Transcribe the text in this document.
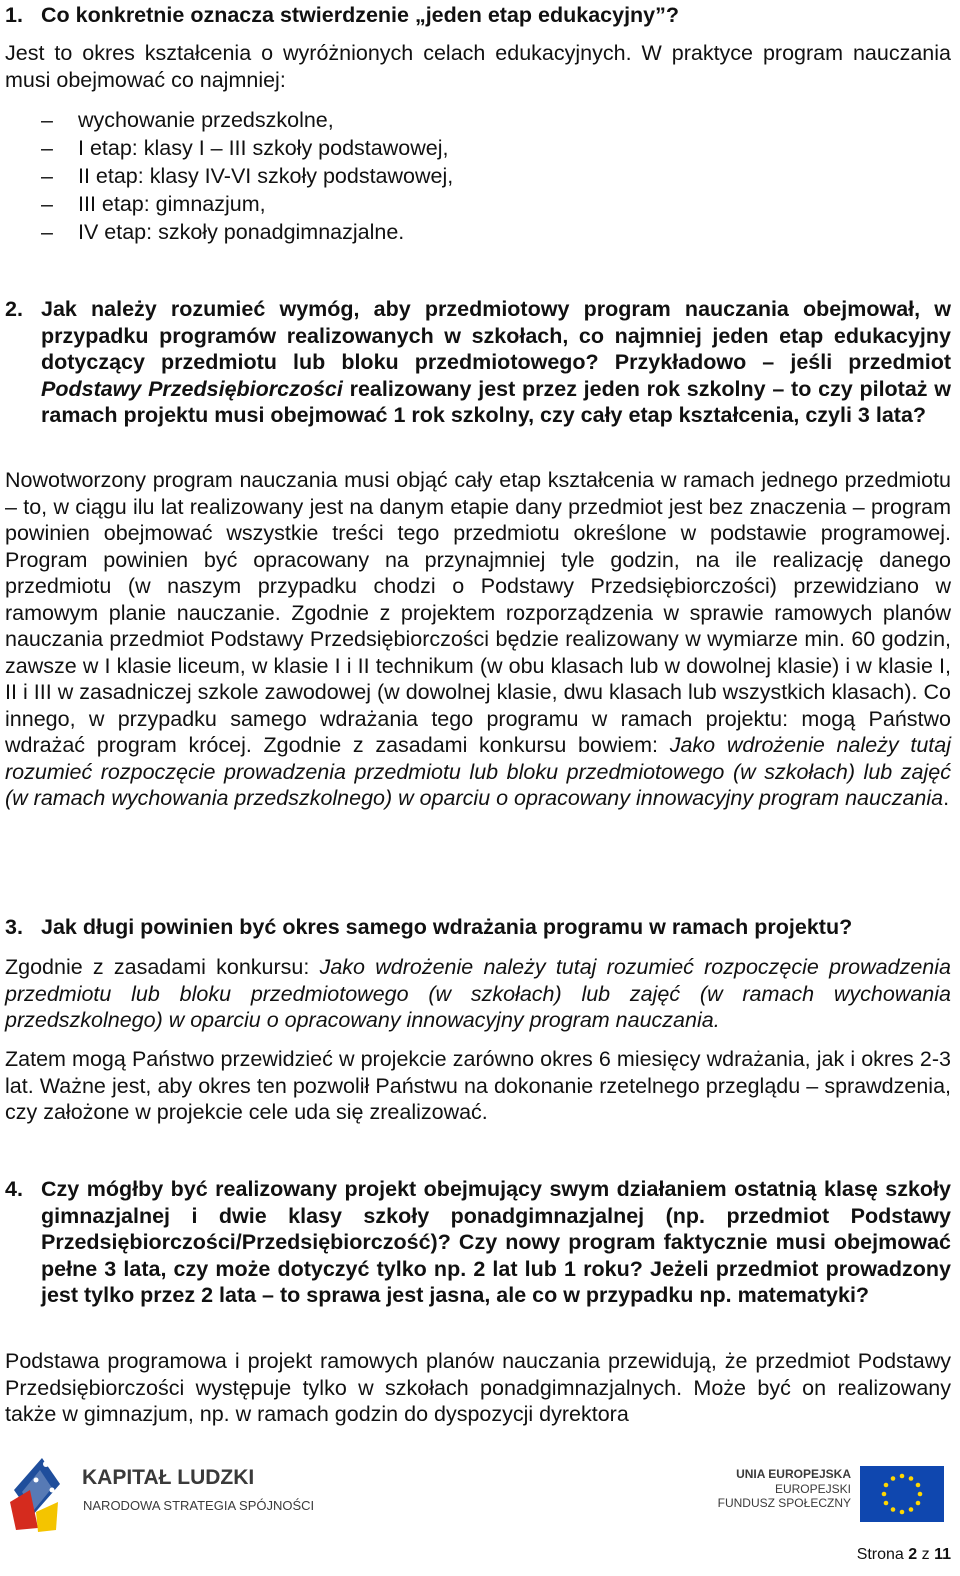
1. Co konkretnie oznacza stwierdzenie „jeden etap edukacyjny”?

Jest to okres kształcenia o wyróżnionych celach edukacyjnych. W praktyce program nauczania musi obejmować co najmniej:

–	wychowanie przedszkolne,
–	I etap: klasy I – III szkoły podstawowej,
–	II etap: klasy IV-VI szkoły podstawowej,
–	III etap: gimnazjum,
–	IV etap: szkoły ponadgimnazjalne.
2. Jak należy rozumieć wymóg, aby przedmiotowy program nauczania obejmował, w przypadku programów realizowanych w szkołach, co najmniej jeden etap edukacyjny dotyczący przedmiotu lub bloku przedmiotowego? Przykładowo – jeśli przedmiot Podstawy Przedsiębiorczości realizowany jest przez jeden rok szkolny – to czy pilotaż w ramach projektu musi obejmować 1 rok szkolny, czy cały etap kształcenia, czyli 3 lata?

Nowotworzony program nauczania musi objąć cały etap kształcenia w ramach jednego przedmiotu – to, w ciągu ilu lat realizowany jest na danym etapie dany przedmiot jest bez znaczenia – program powinien obejmować wszystkie treści tego przedmiotu określone w podstawie programowej. Program powinien być opracowany na przynajmniej tyle godzin, na ile realizację danego przedmiotu (w naszym przypadku chodzi o Podstawy Przedsiębiorczości) przewidziano w ramowym planie nauczanie. Zgodnie z projektem rozporządzenia w sprawie ramowych planów nauczania przedmiot Podstawy Przedsiębiorczości będzie realizowany w wymiarze min. 60 godzin, zawsze w I klasie liceum, w klasie I i II technikum (w obu klasach lub w dowolnej klasie) i w klasie I, II i III w zasadniczej szkole zawodowej (w dowolnej klasie, dwu klasach lub wszystkich klasach). Co innego, w przypadku samego wdrażania tego programu w ramach projektu: mogą Państwo wdrażać program krócej. Zgodnie z zasadami konkursu bowiem: Jako wdrożenie należy tutaj rozumieć rozpoczęcie prowadzenia przedmiotu lub bloku przedmiotowego (w szkołach) lub zajęć (w ramach wychowania przedszkolnego) w oparciu o opracowany innowacyjny program nauczania.

3. Jak długi powinien być okres samego wdrażania programu w ramach projektu?

Zgodnie z zasadami konkursu: Jako wdrożenie należy tutaj rozumieć rozpoczęcie prowadzenia przedmiotu lub bloku przedmiotowego (w szkołach) lub zajęć (w ramach wychowania przedszkolnego) w oparciu o opracowany innowacyjny program nauczania.

Zatem mogą Państwo przewidzieć w projekcie zarówno okres 6 miesięcy wdrażania, jak i okres 2-3 lat. Ważne jest, aby okres ten pozwolił Państwu na dokonanie rzetelnego przeglądu – sprawdzenia, czy założone w projekcie cele uda się zrealizować.

4. Czy mógłby być realizowany projekt obejmujący swym działaniem ostatnią klasę szkoły gimnazjalnej i dwie klasy szkoły ponadgimnazjalnej (np. przedmiot Podstawy Przedsiębiorczości/Przedsiębiorczość)? Czy nowy program faktycznie musi obejmować pełne 3 lata, czy może dotyczyć tylko np. 2 lat lub 1 roku? Jeżeli przedmiot prowadzony jest tylko przez 2 lata – to sprawa jest jasna, ale co w przypadku np. matematyki?

Podstawa programowa i projekt ramowych planów nauczania przewidują, że przedmiot Podstawy Przedsiębiorczości występuje tylko w szkołach ponadgimnazjalnych. Może być on realizowany także w gimnazjum, np. w ramach godzin do dyspozycji dyrektora

KAPITAŁ LUDZKI
NARODOWA STRATEGIA SPÓJNOŚCI
UNIA EUROPEJSKA
EUROPEJSKI
FUNDUSZ SPOŁECZNY
Strona 2 z 11
